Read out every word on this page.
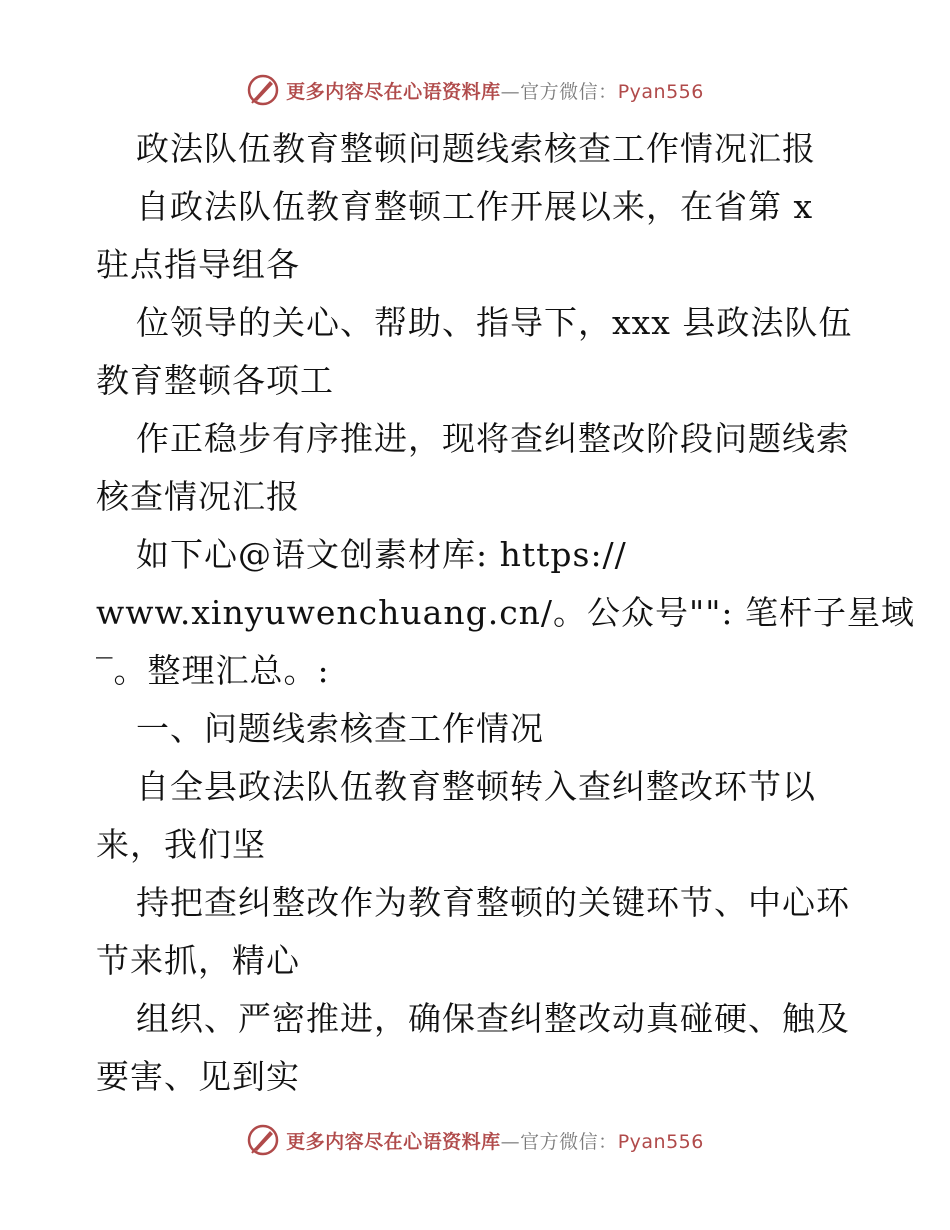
更多内容尽在心语资料库—官方微信：Pyan556
政法队伍教育整顿问题线索核查工作情况汇报
自政法队伍教育整顿工作开展以来，在省第 x
驻点指导组各
位领导的关心、帮助、指导下，xxx 县政法队伍
教育整顿各项工
作正稳步有序推进，现将查纠整改阶段问题线索
核查情况汇报
如下心@语文创素材库: https://
www.xinyuwenchuang.cn/。公众号"": 笔杆子星域
‾。整理汇总。:
一、问题线索核查工作情况
自全县政法队伍教育整顿转入查纠整改环节以
来，我们坚
持把查纠整改作为教育整顿的关键环节、中心环
节来抓，精心
组织、严密推进，确保查纠整改动真碰硬、触及
要害、见到实
更多内容尽在心语资料库—官方微信：Pyan556
